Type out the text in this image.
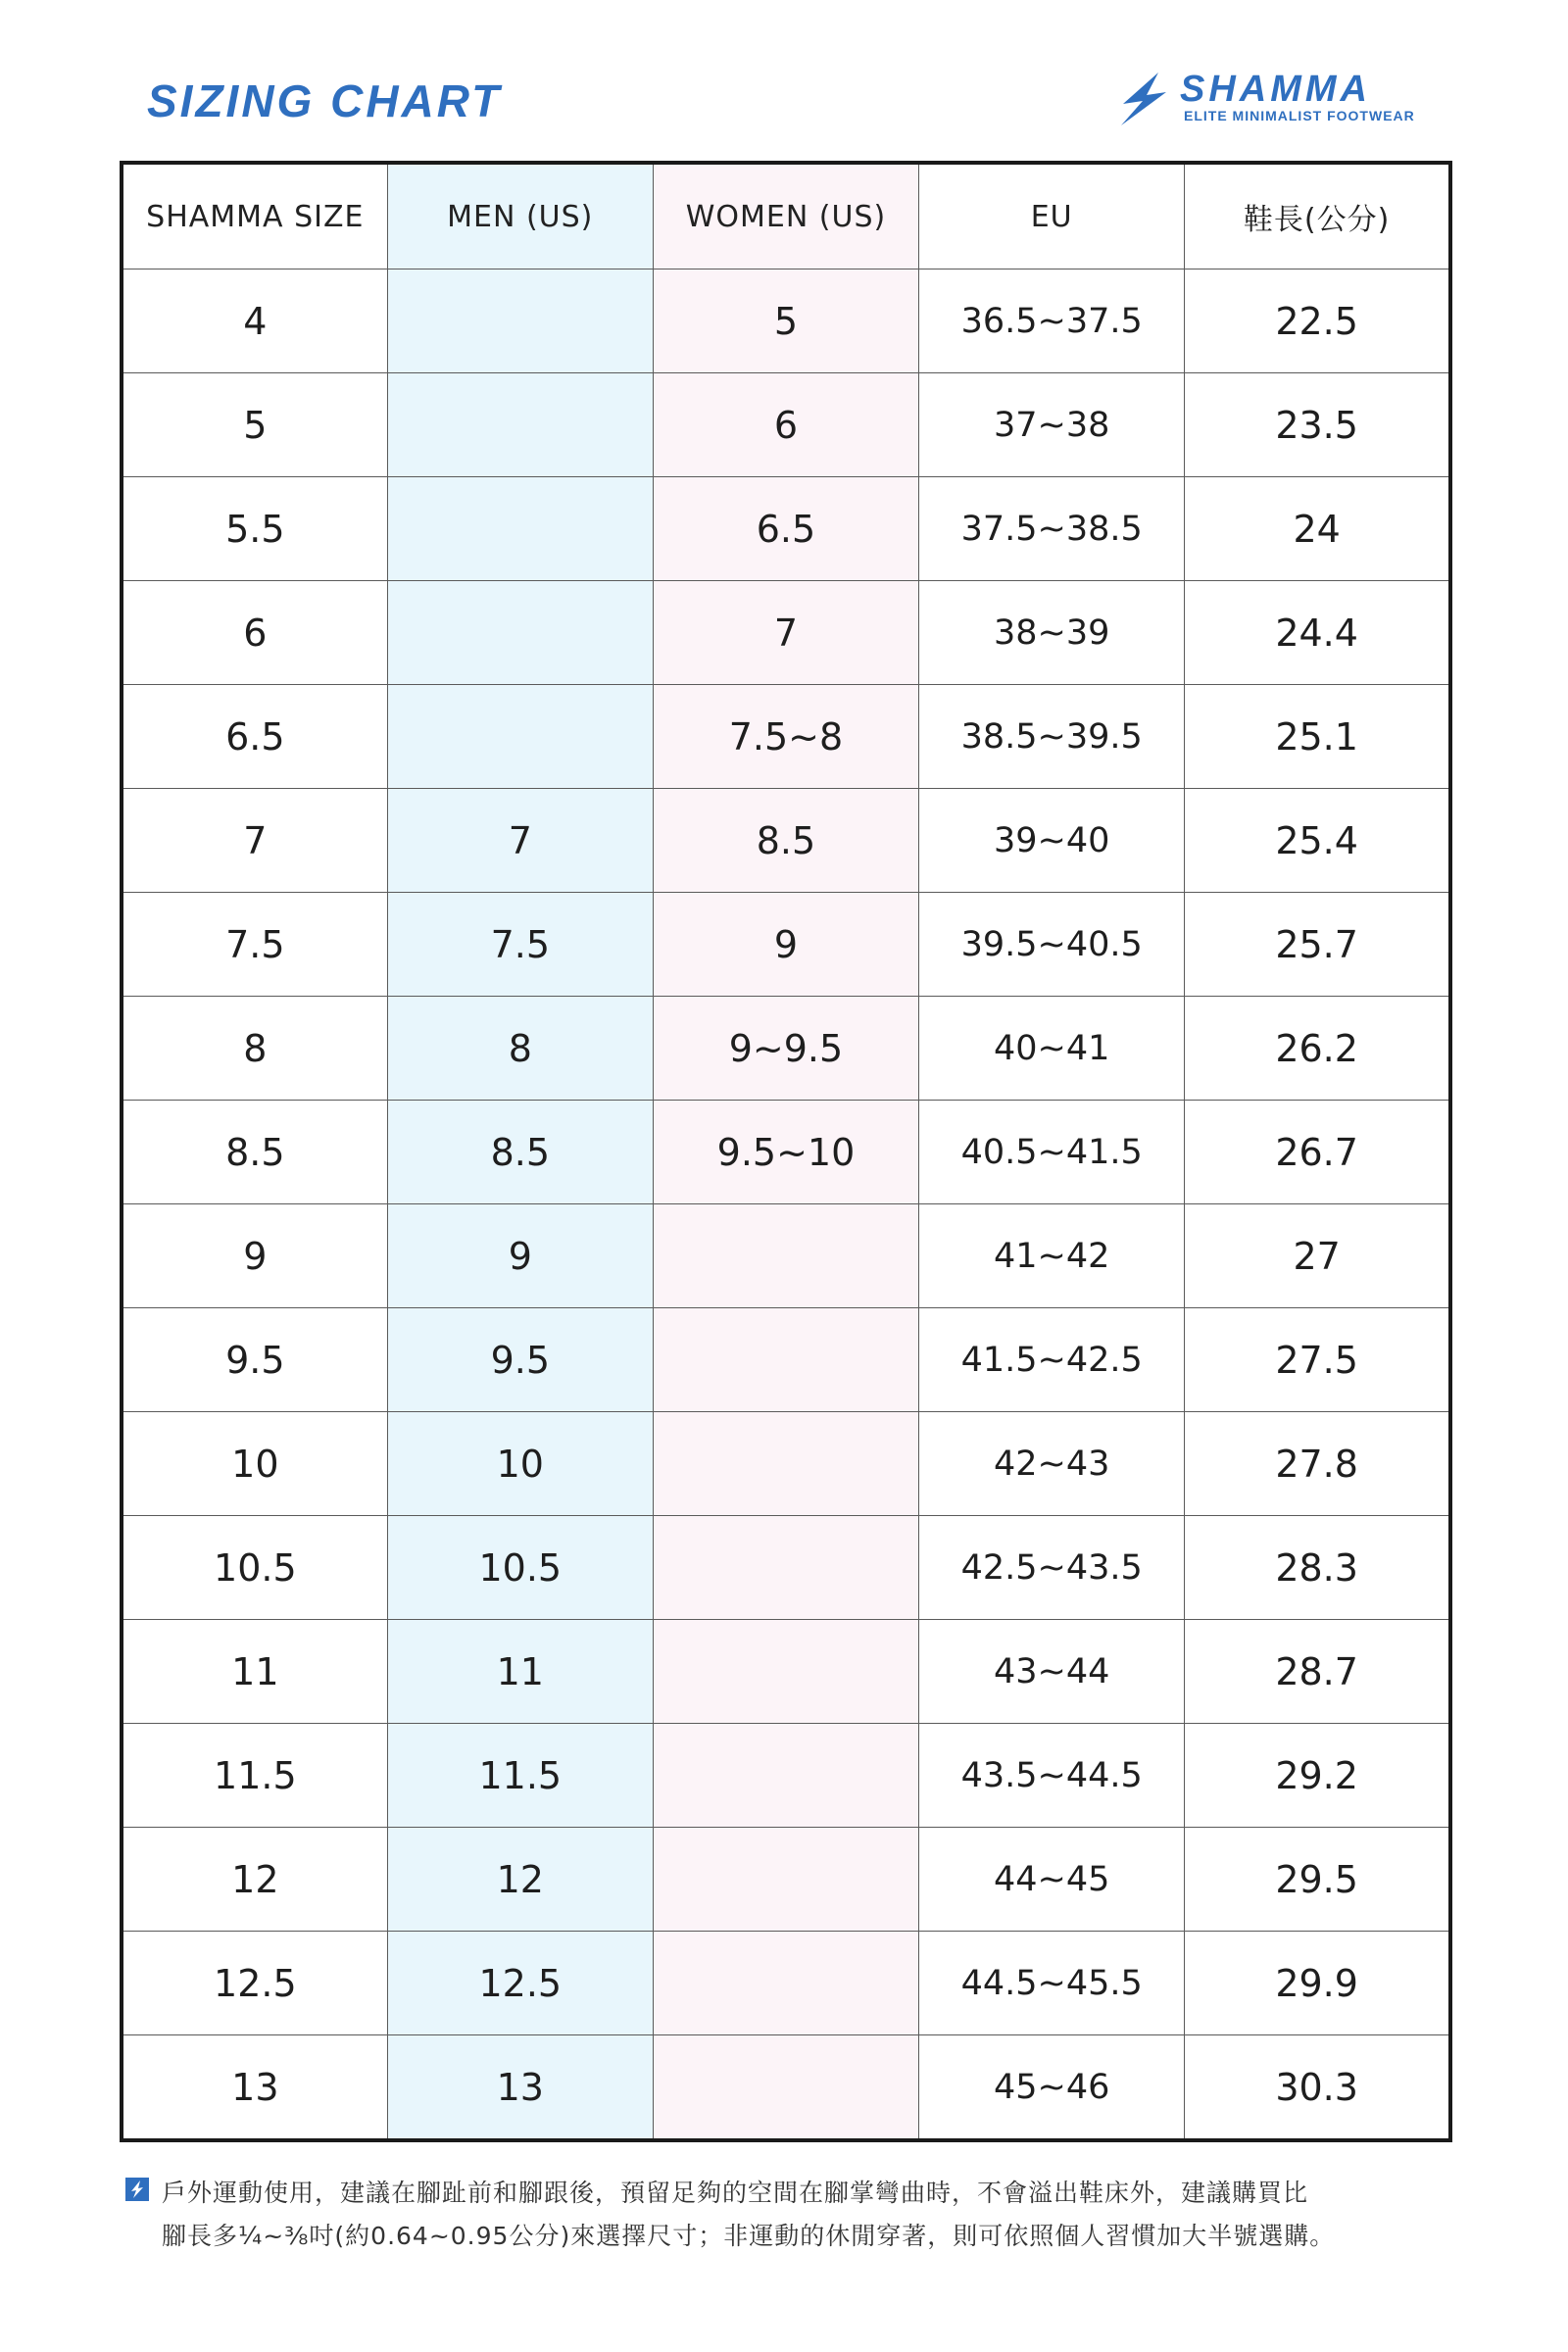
SIZING CHART	SHAMMA
ELITE MINIMALIST FOOTWEAR
SHAMMA SIZE	MEN (US)	WOMEN (US)	EU	鞋長(公分)
4		5	36.5~37.5	22.5
5		6	37~38	23.5
5.5		6.5	37.5~38.5	24
6		7	38~39	24.4
6.5		7.5~8	38.5~39.5	25.1
7	7	8.5	39~40	25.4
7.5	7.5	9	39.5~40.5	25.7
8	8	9~9.5	40~41	26.2
8.5	8.5	9.5~10	40.5~41.5	26.7
9	9		41~42	27
9.5	9.5		41.5~42.5	27.5
10	10		42~43	27.8
10.5	10.5		42.5~43.5	28.3
11	11		43~44	28.7
11.5	11.5		43.5~44.5	29.2
12	12		44~45	29.5
12.5	12.5		44.5~45.5	29.9
13	13		45~46	30.3
戶外運動使用，建議在腳趾前和腳跟後，預留足夠的空間在腳掌彎曲時，不會溢出鞋床外，建議購買比
腳長多¼~⅜吋(約0.64~0.95公分)來選擇尺寸；非運動的休閒穿著，則可依照個人習慣加大半號選購。
